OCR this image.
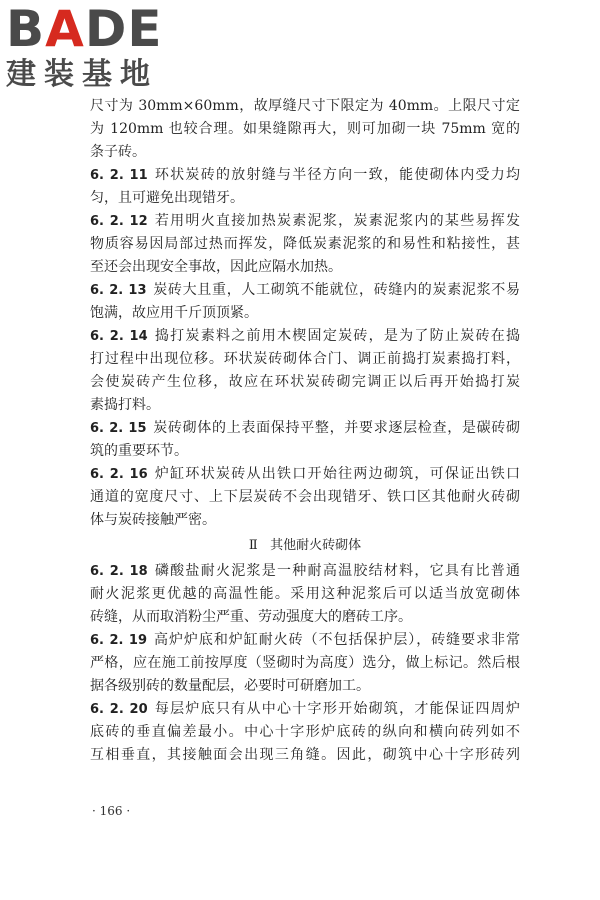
BADE
建装基地
尺寸为 30mm×60mm，故厚缝尺寸下限定为 40mm。上限尺寸定
为 120mm 也较合理。如果缝隙再大，则可加砌一块 75mm 宽的
条子砖。
6. 2. 11 环状炭砖的放射缝与半径方向一致，能使砌体内受力均
匀，且可避免出现错牙。
6. 2. 12 若用明火直接加热炭素泥浆，炭素泥浆内的某些易挥发
物质容易因局部过热而挥发，降低炭素泥浆的和易性和粘接性，甚
至还会出现安全事故，因此应隔水加热。
6. 2. 13 炭砖大且重，人工砌筑不能就位，砖缝内的炭素泥浆不易
饱满，故应用千斤顶顶紧。
6. 2. 14 捣打炭素料之前用木楔固定炭砖，是为了防止炭砖在捣
打过程中出现位移。环状炭砖砌体合门、调正前捣打炭素捣打料，
会使炭砖产生位移，故应在环状炭砖砌完调正以后再开始捣打炭
素捣打料。
6. 2. 15 炭砖砌体的上表面保持平整，并要求逐层检查，是碳砖砌
筑的重要环节。
6. 2. 16 炉缸环状炭砖从出铁口开始往两边砌筑，可保证出铁口
通道的宽度尺寸、上下层炭砖不会出现错牙、铁口区其他耐火砖砌
体与炭砖接触严密。
Ⅱ 其他耐火砖砌体
6. 2. 18 磷酸盐耐火泥浆是一种耐高温胶结材料，它具有比普通
耐火泥浆更优越的高温性能。采用这种泥浆后可以适当放宽砌体
砖缝，从而取消粉尘严重、劳动强度大的磨砖工序。
6. 2. 19 高炉炉底和炉缸耐火砖（不包括保护层），砖缝要求非常
严格，应在施工前按厚度（竖砌时为高度）选分，做上标记。然后根
据各级别砖的数量配层，必要时可研磨加工。
6. 2. 20 每层炉底只有从中心十字形开始砌筑，才能保证四周炉
底砖的垂直偏差最小。中心十字形炉底砖的纵向和横向砖列如不
互相垂直，其接触面会出现三角缝。因此，砌筑中心十字形砖列
· 166 ·
